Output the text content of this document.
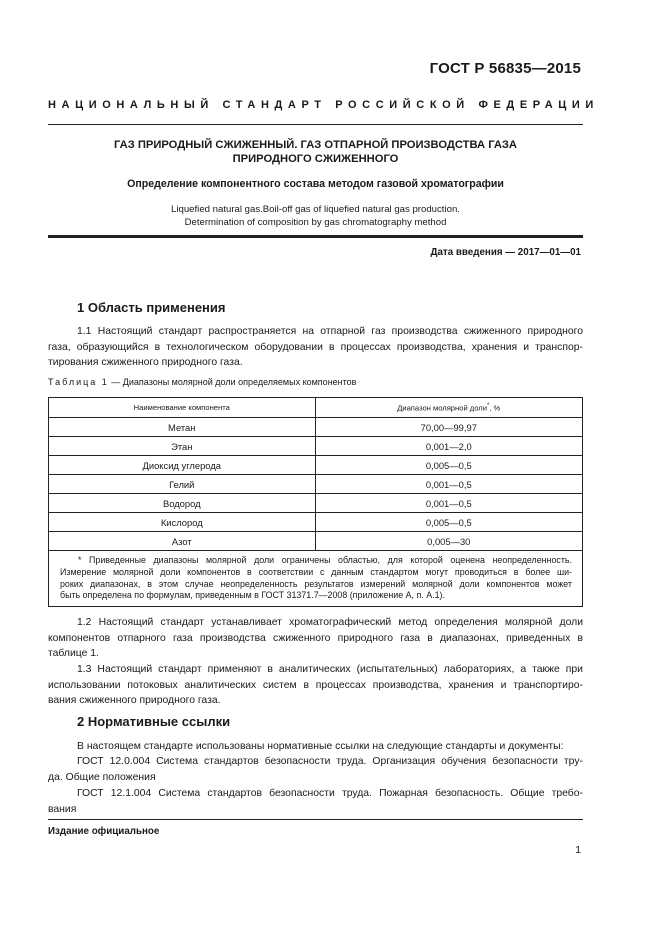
ГОСТ Р 56835—2015
НАЦИОНАЛЬНЫЙ СТАНДАРТ РОССИЙСКОЙ ФЕДЕРАЦИИ
ГАЗ ПРИРОДНЫЙ СЖИЖЕННЫЙ. ГАЗ ОТПАРНОЙ ПРОИЗВОДСТВА ГАЗА
ПРИРОДНОГО СЖИЖЕННОГО
Определение компонентного состава методом газовой хроматографии
Liquefied natural gas.Boil-off gas of liquefied natural gas production.
Determination of composition by gas chromatography method
Дата введения — 2017—01—01
1 Область применения
1.1 Настоящий стандарт распространяется на отпарной газ производства сжиженного природного
газа, образующийся в технологическом оборудовании в процессах производства, хранения и транспор-
тирования сжиженного природного газа.
Таблица 1 — Диапазоны молярной доли определяемых компонентов
Наименование компонента	Диапазон молярной доли*, %
Метан	70,00—99,97
Этан	0,001—2,0
Диоксид углерода	0,005—0,5
Гелий	0,001—0,5
Водород	0,001—0,5
Кислород	0,005—0,5
Азот	0,005—30

* Приведенные диапазоны молярной доли ограничены областью, для которой оценена неопределенность.
Измерение молярной доли компонентов в соответствии с данным стандартом могут проводиться в более ши-
роких диапазонах, в этом случае неопределенность результатов измерений молярной доли компонентов может
быть определена по формулам, приведенным в ГОСТ 31371.7—2008 (приложение А, п. А.1).	
1.2 Настоящий стандарт устанавливает хроматографический метод определения молярной доли
компонентов отпарного газа производства сжиженного природного газа в диапазонах, приведенных в
таблице 1.
1.3 Настоящий стандарт применяют в аналитических (испытательных) лабораториях, а также при
использовании потоковых аналитических систем в процессах производства, хранения и транспортиро-
вания сжиженного природного газа.
2 Нормативные ссылки
В настоящем стандарте использованы нормативные ссылки на следующие стандарты и документы:
ГОСТ 12.0.004 Система стандартов безопасности труда. Организация обучения безопасности тру-
да. Общие положения
ГОСТ 12.1.004 Система стандартов безопасности труда. Пожарная безопасность. Общие требо-
вания
Издание официальное
1
